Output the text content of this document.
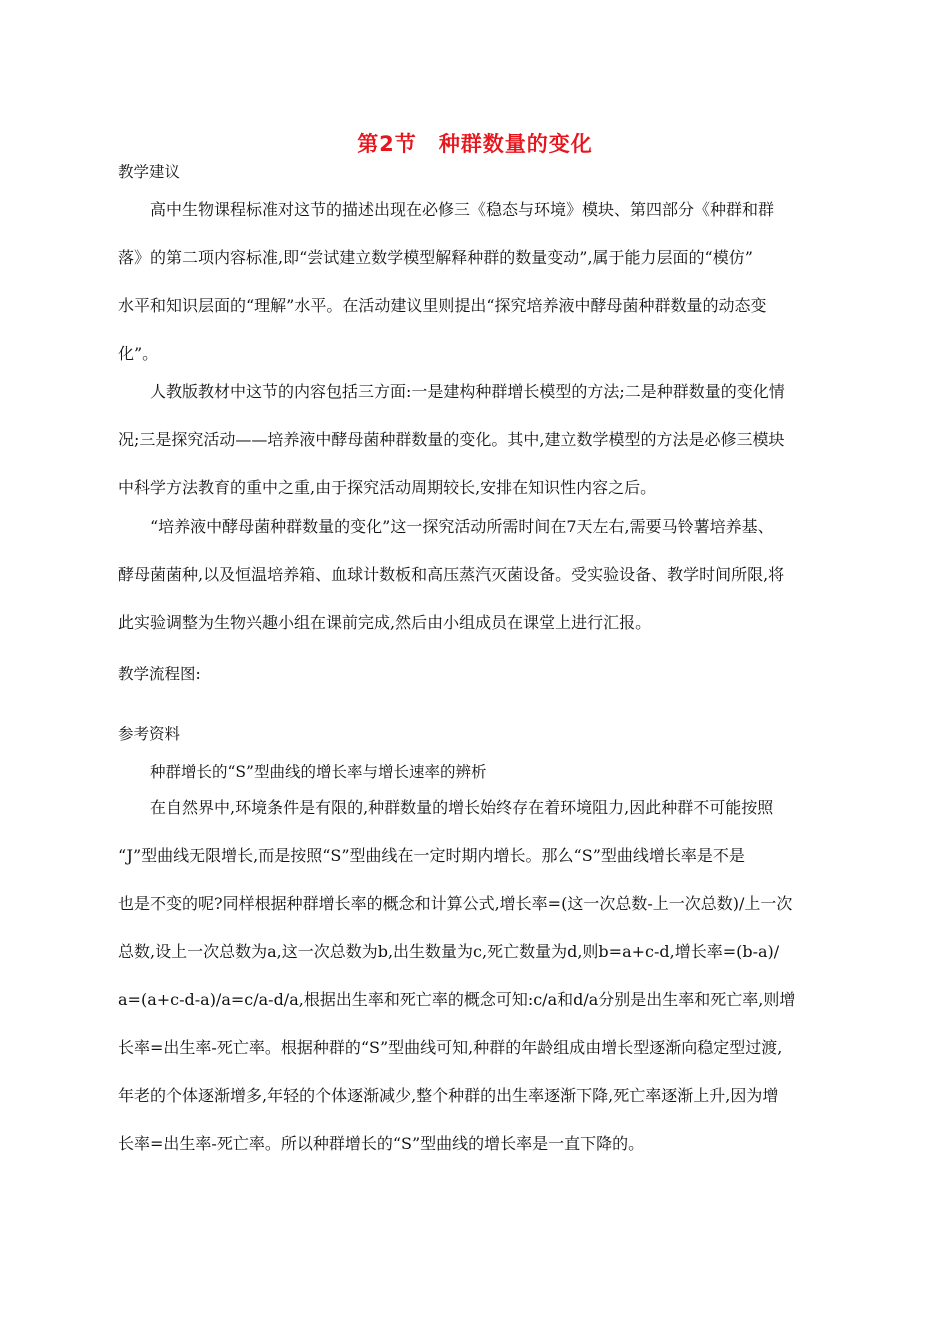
第2节 种群数量的变化
教学建议
高中生物课程标准对这节的描述出现在必修三《稳态与环境》模块、第四部分《种群和群
落》的第二项内容标准,即“尝试建立数学模型解释种群的数量变动”,属于能力层面的“模仿”
水平和知识层面的“理解”水平。在活动建议里则提出“探究培养液中酵母菌种群数量的动态变
化”。
人教版教材中这节的内容包括三方面:一是建构种群增长模型的方法;二是种群数量的变化情
况;三是探究活动——培养液中酵母菌种群数量的变化。其中,建立数学模型的方法是必修三模块
中科学方法教育的重中之重,由于探究活动周期较长,安排在知识性内容之后。
“培养液中酵母菌种群数量的变化”这一探究活动所需时间在7天左右,需要马铃薯培养基、
酵母菌菌种,以及恒温培养箱、血球计数板和高压蒸汽灭菌设备。受实验设备、教学时间所限,将
此实验调整为生物兴趣小组在课前完成,然后由小组成员在课堂上进行汇报。
教学流程图:
参考资料
种群增长的“S”型曲线的增长率与增长速率的辨析
在自然界中,环境条件是有限的,种群数量的增长始终存在着环境阻力,因此种群不可能按照
“J”型曲线无限增长,而是按照“S”型曲线在一定时期内增长。那么“S”型曲线增长率是不是
也是不变的呢?同样根据种群增长率的概念和计算公式,增长率=(这一次总数-上一次总数)/上一次
总数,设上一次总数为a,这一次总数为b,出生数量为c,死亡数量为d,则b=a+c-d,增长率=(b-a)/
a=(a+c-d-a)/a=c/a-d/a,根据出生率和死亡率的概念可知:c/a和d/a分别是出生率和死亡率,则增
长率=出生率-死亡率。根据种群的“S”型曲线可知,种群的年龄组成由增长型逐渐向稳定型过渡,
年老的个体逐渐增多,年轻的个体逐渐减少,整个种群的出生率逐渐下降,死亡率逐渐上升,因为增
长率=出生率-死亡率。所以种群增长的“S”型曲线的增长率是一直下降的。
